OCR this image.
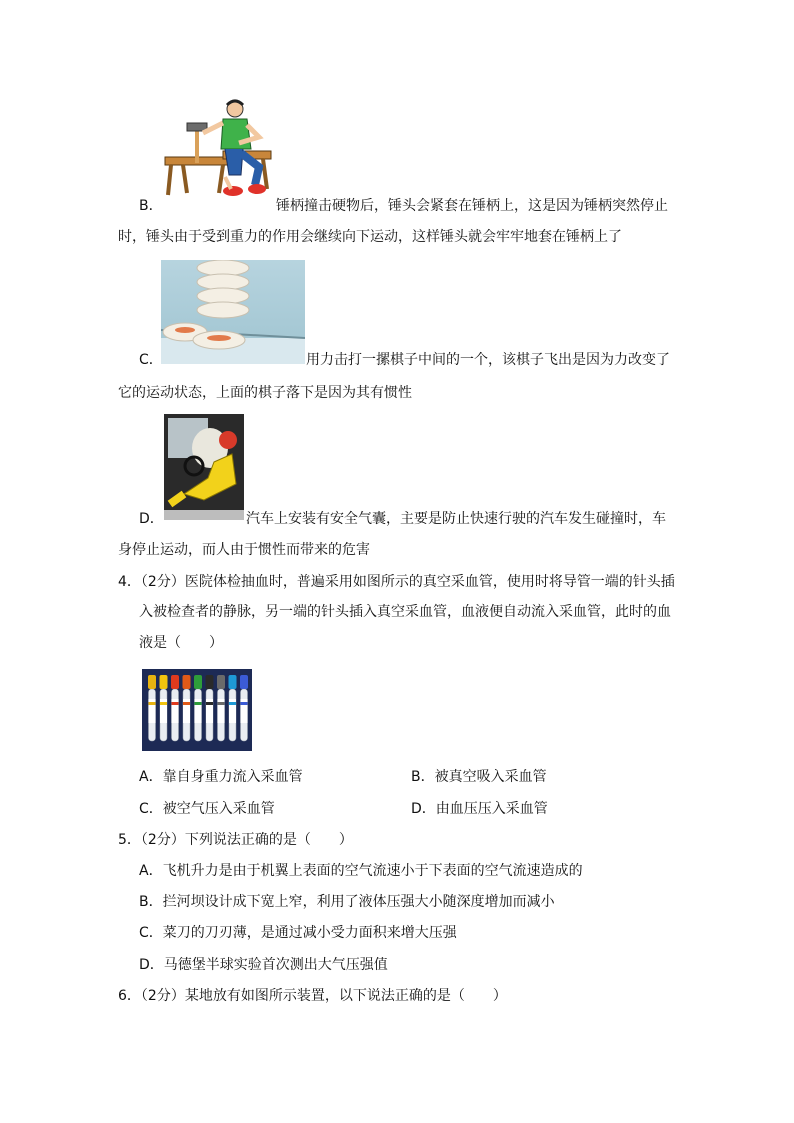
B．	锤柄撞击硬物后，锤头会紧套在锤柄上，这是因为锤柄突然停止
时，锤头由于受到重力的作用会继续向下运动，这样锤头就会牢牢地套在锤柄上了
C．	用力击打一摞棋子中间的一个，该棋子飞出是因为力改变了
它的运动状态，上面的棋子落下是因为其有惯性
D．	汽车上安装有安全气囊，主要是防止快速行驶的汽车发生碰撞时，车
身停止运动，而人由于惯性而带来的危害
4．（2分）医院体检抽血时，普遍采用如图所示的真空采血管，使用时将导管一端的针头插
入被检查者的静脉，另一端的针头插入真空采血管，血液便自动流入采血管，此时的血
液是（　　）
A．靠自身重力流入采血管	B．被真空吸入采血管
C．被空气压入采血管	D．由血压压入采血管
5．（2分）下列说法正确的是（　　）
A．飞机升力是由于机翼上表面的空气流速小于下表面的空气流速造成的
B．拦河坝设计成下宽上窄，利用了液体压强大小随深度增加而减小
C．菜刀的刀刃薄，是通过减小受力面积来增大压强
D．马德堡半球实验首次测出大气压强值
6．（2分）某地放有如图所示装置，以下说法正确的是（　　）
